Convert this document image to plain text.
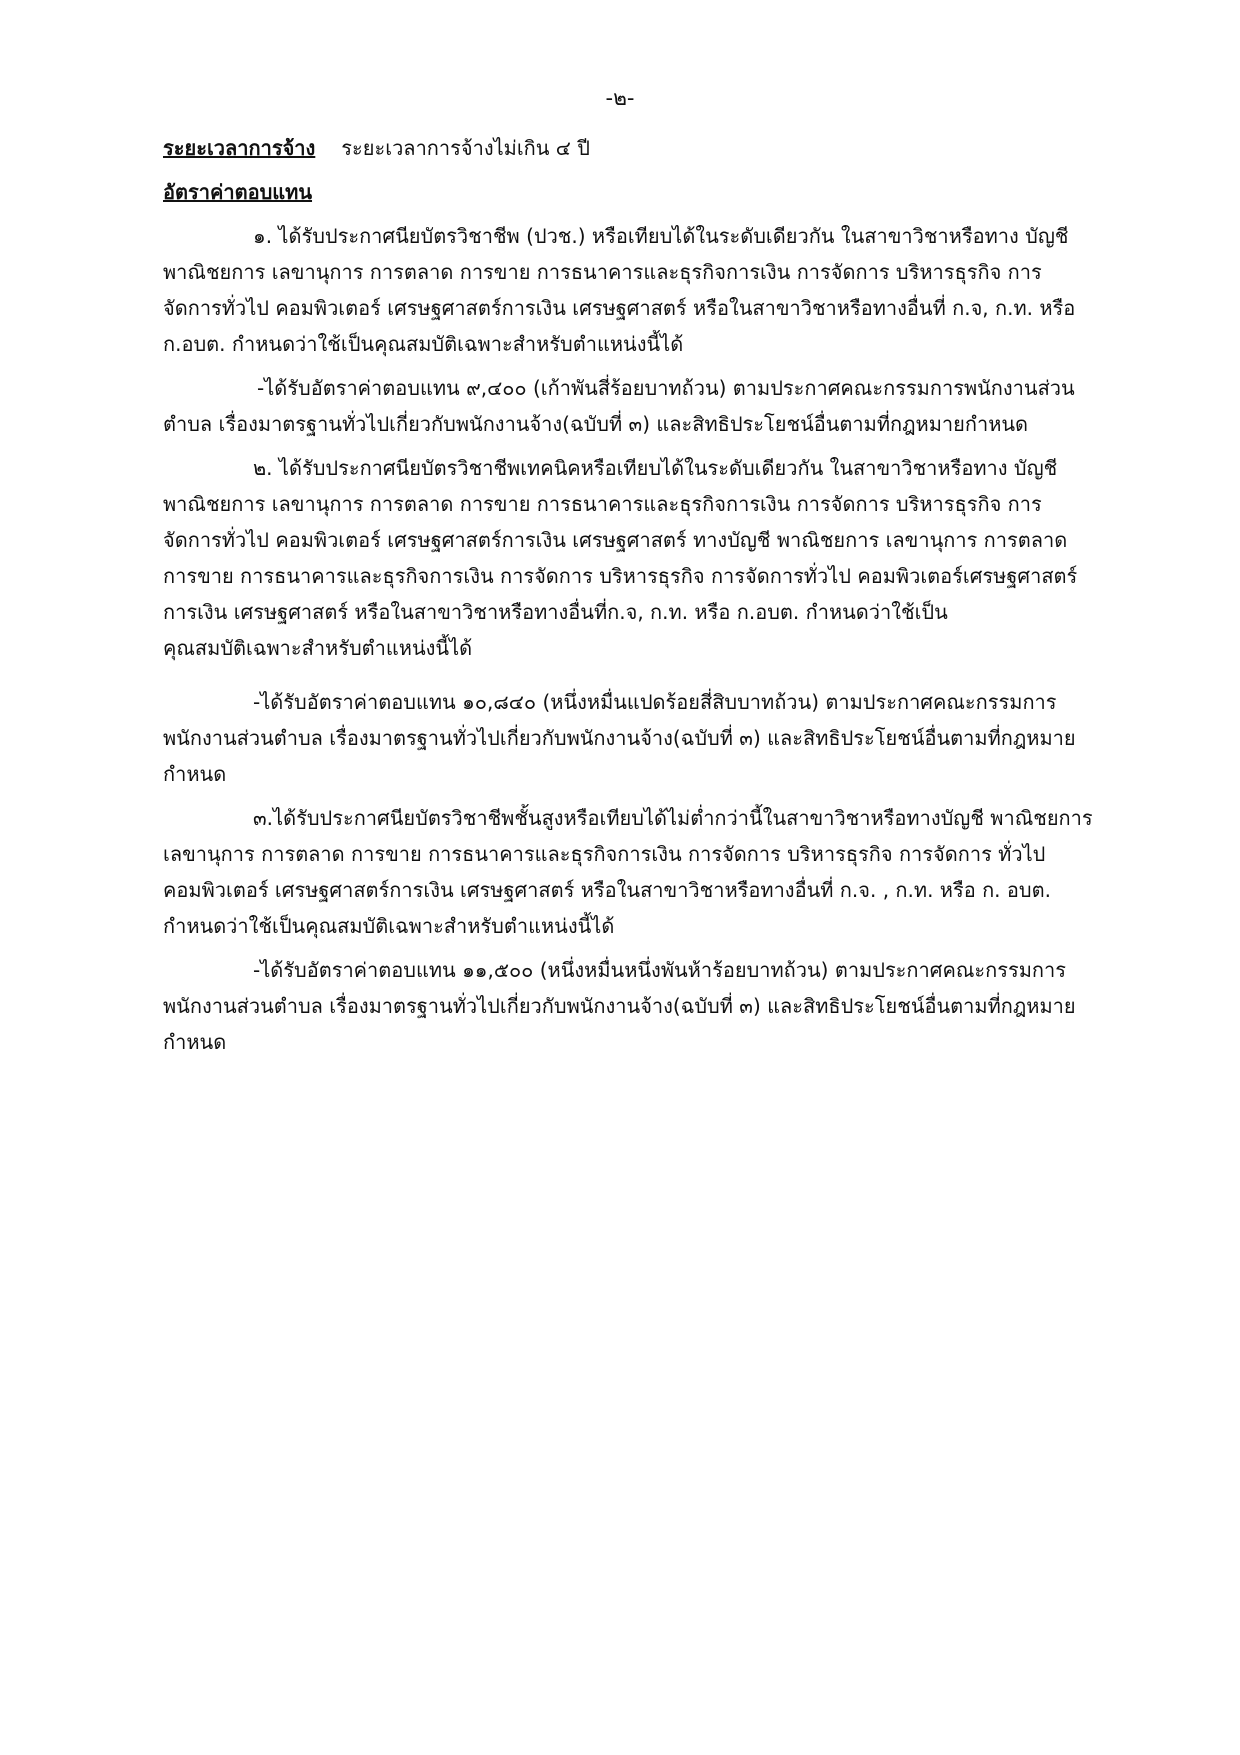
-๒-
ระยะเวลาการจ้าง ระยะเวลาการจ้างไม่เกิน ๔ ปี
อัตราค่าตอบแทน
๑. ได้รับประกาศนียบัตรวิชาชีพ (ปวช.) หรือเทียบได้ในระดับเดียวกัน ในสาขาวิชาหรือทาง บัญชี
พาณิชยการ เลขานุการ การตลาด การขาย การธนาคารและธุรกิจการเงิน การจัดการ บริหารธุรกิจ การ
จัดการทั่วไป คอมพิวเตอร์ เศรษฐศาสตร์การเงิน เศรษฐศาสตร์ หรือในสาขาวิชาหรือทางอื่นที่ ก.จ, ก.ท. หรือ
ก.อบต. กำหนดว่าใช้เป็นคุณสมบัติเฉพาะสำหรับตำแหน่งนี้ได้
-ได้รับอัตราค่าตอบแทน ๙,๔๐๐ (เก้าพันสี่ร้อยบาทถ้วน) ตามประกาศคณะกรรมการพนักงานส่วน
ตำบล เรื่องมาตรฐานทั่วไปเกี่ยวกับพนักงานจ้าง(ฉบับที่ ๓) และสิทธิประโยชน์อื่นตามที่กฎหมายกำหนด
๒. ได้รับประกาศนียบัตรวิชาชีพเทคนิคหรือเทียบได้ในระดับเดียวกัน ในสาขาวิชาหรือทาง บัญชี
พาณิชยการ เลขานุการ การตลาด การขาย การธนาคารและธุรกิจการเงิน การจัดการ บริหารธุรกิจ การ
จัดการทั่วไป คอมพิวเตอร์ เศรษฐศาสตร์การเงิน เศรษฐศาสตร์ ทางบัญชี พาณิชยการ เลขานุการ การตลาด
การขาย การธนาคารและธุรกิจการเงิน การจัดการ บริหารธุรกิจ การจัดการทั่วไป คอมพิวเตอร์เศรษฐศาสตร์
การเงิน เศรษฐศาสตร์ หรือในสาขาวิชาหรือทางอื่นที่ก.จ, ก.ท. หรือ ก.อบต. กำหนดว่าใช้เป็น
คุณสมบัติเฉพาะสำหรับตำแหน่งนี้ได้
-ได้รับอัตราค่าตอบแทน ๑๐,๘๔๐ (หนึ่งหมื่นแปดร้อยสี่สิบบาทถ้วน) ตามประกาศคณะกรรมการ
พนักงานส่วนตำบล เรื่องมาตรฐานทั่วไปเกี่ยวกับพนักงานจ้าง(ฉบับที่ ๓) และสิทธิประโยชน์อื่นตามที่กฎหมาย
กำหนด
๓.ได้รับประกาศนียบัตรวิชาชีพชั้นสูงหรือเทียบได้ไม่ต่ำกว่านี้ในสาขาวิชาหรือทางบัญชี พาณิชยการ
เลขานุการ การตลาด การขาย การธนาคารและธุรกิจการเงิน การจัดการ บริหารธุรกิจ การจัดการ ทั่วไป
คอมพิวเตอร์ เศรษฐศาสตร์การเงิน เศรษฐศาสตร์ หรือในสาขาวิชาหรือทางอื่นที่ ก.จ. , ก.ท. หรือ ก. อบต.
กำหนดว่าใช้เป็นคุณสมบัติเฉพาะสำหรับตำแหน่งนี้ได้
-ได้รับอัตราค่าตอบแทน ๑๑,๕๐๐ (หนึ่งหมื่นหนึ่งพันห้าร้อยบาทถ้วน) ตามประกาศคณะกรรมการ
พนักงานส่วนตำบล เรื่องมาตรฐานทั่วไปเกี่ยวกับพนักงานจ้าง(ฉบับที่ ๓) และสิทธิประโยชน์อื่นตามที่กฎหมาย
กำหนด
